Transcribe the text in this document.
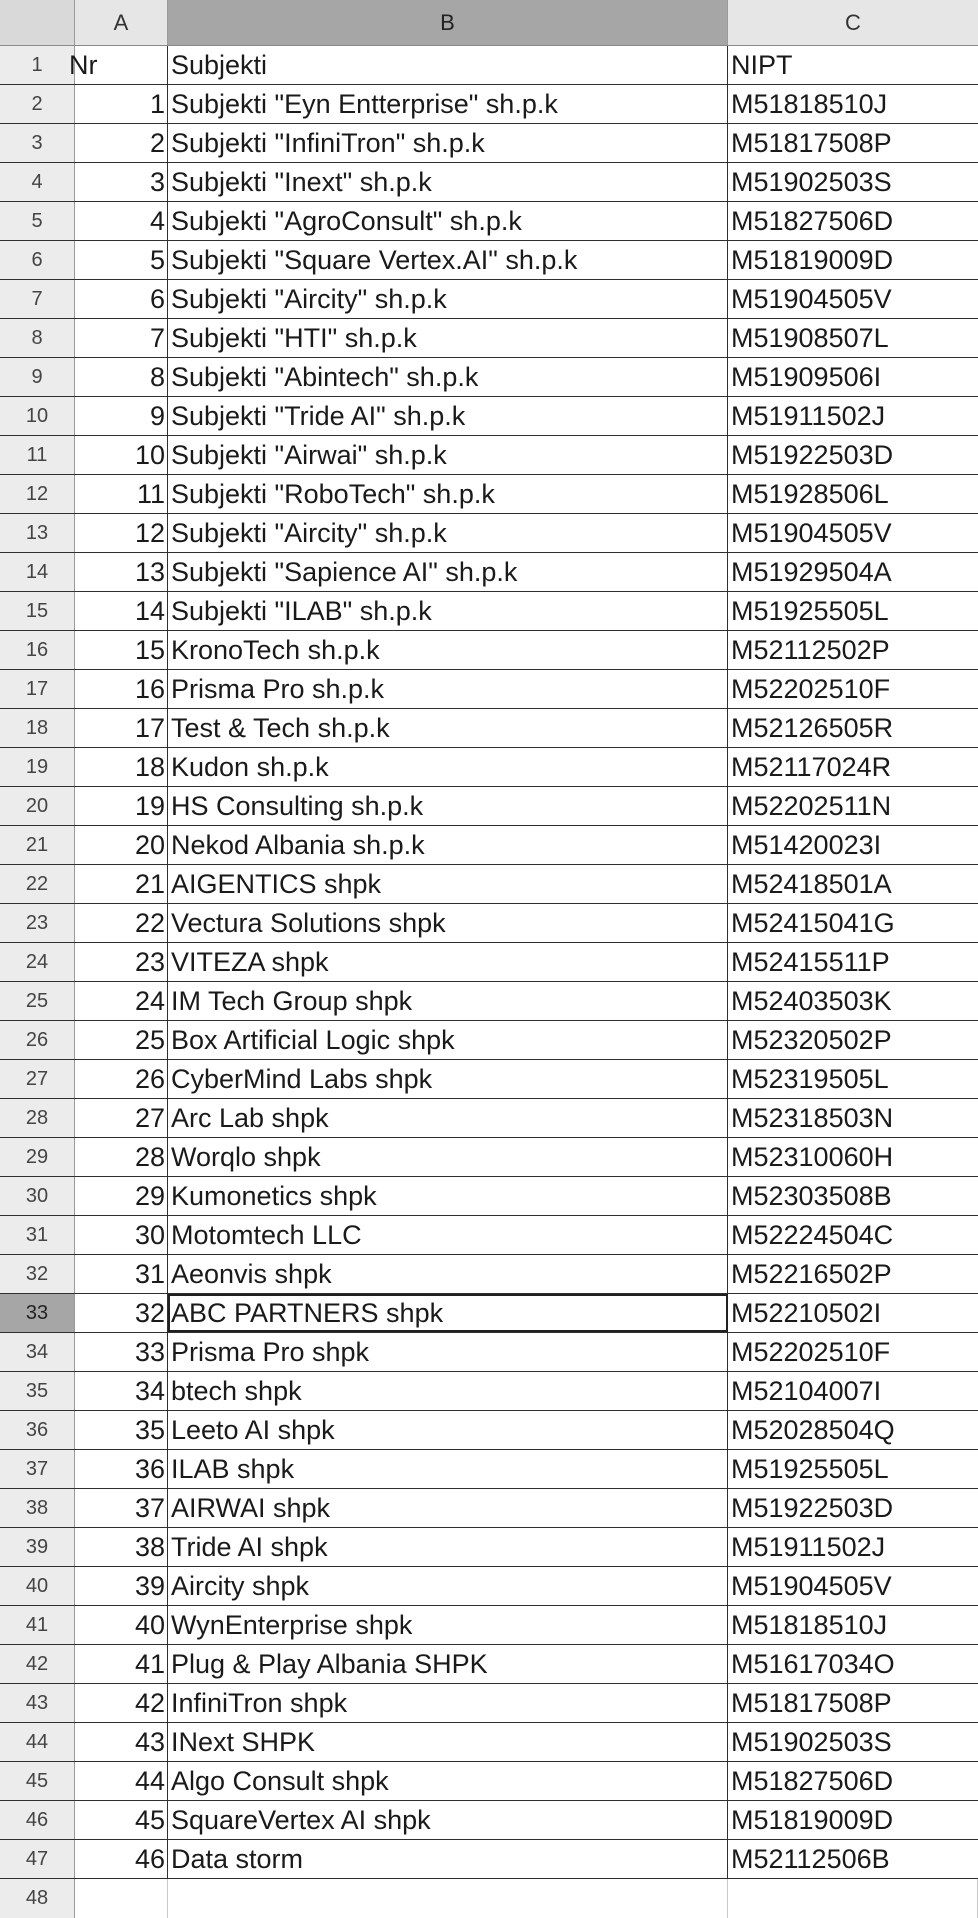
A	B	C
1 Nr	Subjekti	NIPT
2	1 Subjekti "Eyn Entterprise" sh.p.k	M51818510J
3	2 Subjekti "InfiniTron" sh.p.k	M51817508P
4	3 Subjekti "Inext" sh.p.k	M51902503S
5	4 Subjekti "AgroConsult" sh.p.k	M51827506D
6	5 Subjekti "Square Vertex.AI" sh.p.k	M51819009D
7	6 Subjekti "Aircity" sh.p.k	M51904505V
8	7 Subjekti "HTI" sh.p.k	M51908507L
9	8 Subjekti "Abintech" sh.p.k	M51909506I
10	9 Subjekti "Tride AI" sh.p.k	M51911502J
11	10 Subjekti "Airwai" sh.p.k	M51922503D
12	11 Subjekti "RoboTech" sh.p.k	M51928506L
13	12 Subjekti "Aircity" sh.p.k	M51904505V
14	13 Subjekti "Sapience AI" sh.p.k	M51929504A
15	14 Subjekti "ILAB" sh.p.k	M51925505L
16	15 KronoTech sh.p.k	M52112502P
17	16 Prisma Pro sh.p.k	M52202510F
18	17 Test & Tech sh.p.k	M52126505R
19	18 Kudon sh.p.k	M52117024R
20	19 HS Consulting sh.p.k	M52202511N
21	20 Nekod Albania sh.p.k	M51420023I
22	21 AIGENTICS shpk	M52418501A
23	22 Vectura Solutions shpk	M52415041G
24	23 VITEZA shpk	M52415511P
25	24 IM Tech Group shpk	M52403503K
26	25 Box Artificial Logic shpk	M52320502P
27	26 CyberMind Labs shpk	M52319505L
28	27 Arc Lab shpk	M52318503N
29	28 Worqlo shpk	M52310060H
30	29 Kumonetics shpk	M52303508B
31	30 Motomtech LLC	M52224504C
32	31 Aeonvis shpk	M52216502P
33	32 ABC PARTNERS shpk	M52210502I
34	33 Prisma Pro shpk	M52202510F
35	34 btech shpk	M52104007I
36	35 Leeto AI shpk	M52028504Q
37	36 ILAB shpk	M51925505L
38	37 AIRWAI shpk	M51922503D
39	38 Tride AI shpk	M51911502J
40	39 Aircity shpk	M51904505V
41	40 WynEnterprise shpk	M51818510J
42	41 Plug & Play Albania SHPK	M51617034O
43	42 InfiniTron shpk	M51817508P
44	43 INext SHPK	M51902503S
45	44 Algo Consult shpk	M51827506D
46	45 SquareVertex AI shpk	M51819009D
47	46 Data storm	M52112506B
48
